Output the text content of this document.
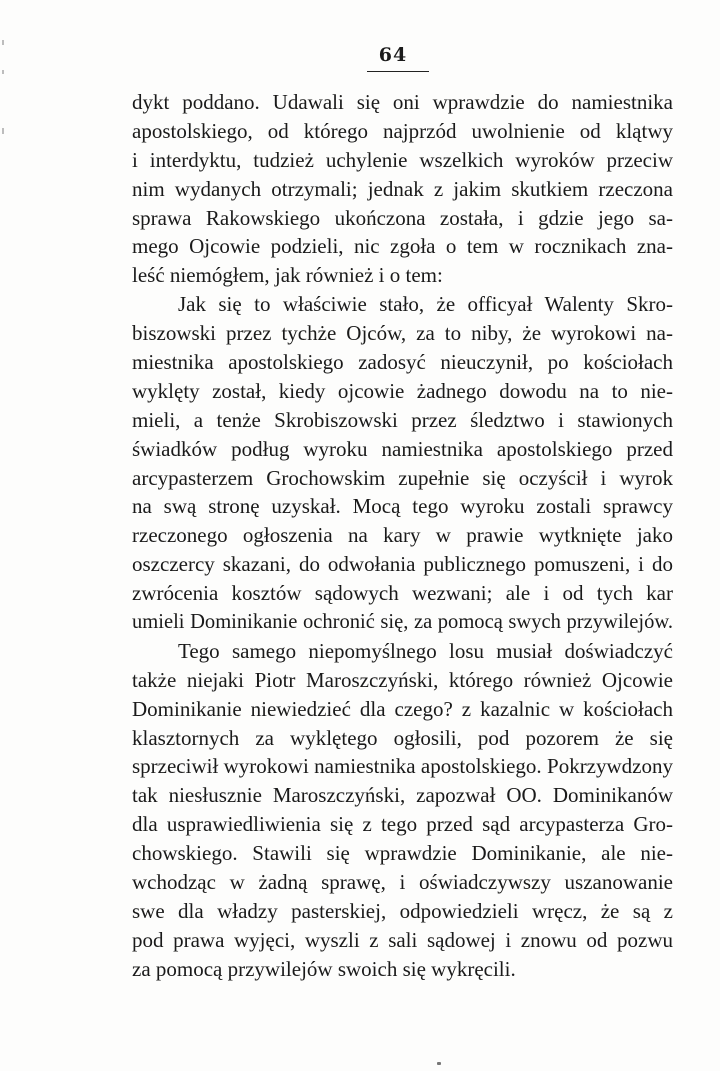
64
dykt poddano. Udawali się oni wprawdzie do namiestnika
apostolskiego, od którego najprzód uwolnienie od klątwy
i interdyktu, tudzież uchylenie wszelkich wyroków przeciw
nim wydanych otrzymali; jednak z jakim skutkiem rzeczona
sprawa Rakowskiego ukończona została, i gdzie jego sa-
mego Ojcowie podzieli, nic zgoła o tem w rocznikach zna-
leść niemógłem, jak również i o tem:
Jak się to właściwie stało, że officyał Walenty Skro-
biszowski przez tychże Ojców, za to niby, że wyrokowi na-
miestnika apostolskiego zadosyć nieuczynił, po kościołach
wyklęty został, kiedy ojcowie żadnego dowodu na to nie-
mieli, a tenże Skrobiszowski przez śledztwo i stawionych
świadków podług wyroku namiestnika apostolskiego przed
arcypasterzem Grochowskim zupełnie się oczyścił i wyrok
na swą stronę uzyskał. Mocą tego wyroku zostali sprawcy
rzeczonego ogłoszenia na kary w prawie wytknięte jako
oszczercy skazani, do odwołania publicznego pomuszeni, i do
zwrócenia kosztów sądowych wezwani; ale i od tych kar
umieli Dominikanie ochronić się, za pomocą swych przywilejów.
Tego samego niepomyślnego losu musiał doświadczyć
także niejaki Piotr Maroszczyński, którego również Ojcowie
Dominikanie niewiedzieć dla czego? z kazalnic w kościołach
klasztornych za wyklętego ogłosili, pod pozorem że się
sprzeciwił wyrokowi namiestnika apostolskiego. Pokrzywdzony
tak niesłusznie Maroszczyński, zapozwał OO. Dominikanów
dla usprawiedliwienia się z tego przed sąd arcypasterza Gro-
chowskiego. Stawili się wprawdzie Dominikanie, ale nie-
wchodząc w żadną sprawę, i oświadczywszy uszanowanie
swe dla władzy pasterskiej, odpowiedzieli wręcz, że są z
pod prawa wyjęci, wyszli z sali sądowej i znowu od pozwu
za pomocą przywilejów swoich się wykręcili.
